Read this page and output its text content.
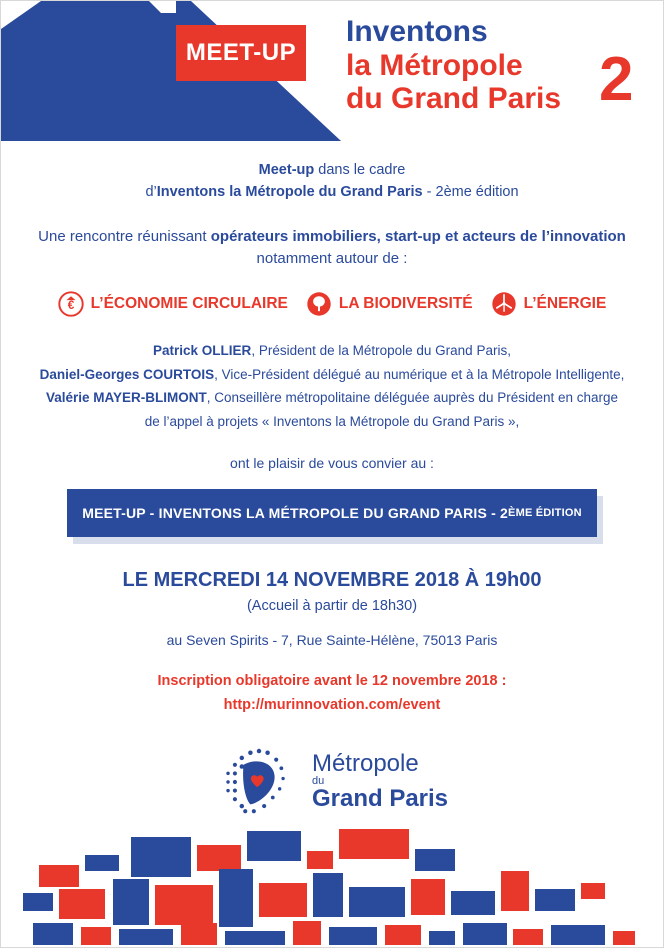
MEET-UP
Inventons
la Métropole
du Grand Paris 2
Meet-up dans le cadre
d’Inventons la Métropole du Grand Paris - 2ème édition
Une rencontre réunissant opérateurs immobiliers, start-up et acteurs de l’innovation
notamment autour de :
€ L’ÉCONOMIE CIRCULAIRE	LA BIODIVERSITÉ	L’ÉNERGIE
Patrick OLLIER, Président de la Métropole du Grand Paris,
Daniel-Georges COURTOIS, Vice-Président délégué au numérique et à la Métropole Intelligente,
Valérie MAYER-BLIMONT, Conseillère métropolitaine déléguée auprès du Président en charge
de l’appel à projets « Inventons la Métropole du Grand Paris »,
ont le plaisir de vous convier au :
MEET-UP - INVENTONS LA MÉTROPOLE DU GRAND PARIS - 2 ÈME ÉDITION
LE MERCREDI 14 NOVEMBRE 2018 À 19h00
(Accueil à partir de 18h30)
au Seven Spirits - 7, Rue Sainte-Hélène, 75013 Paris
Inscription obligatoire avant le 12 novembre 2018 :
http://murinnovation.com/event
Métropole
du
Grand Paris
